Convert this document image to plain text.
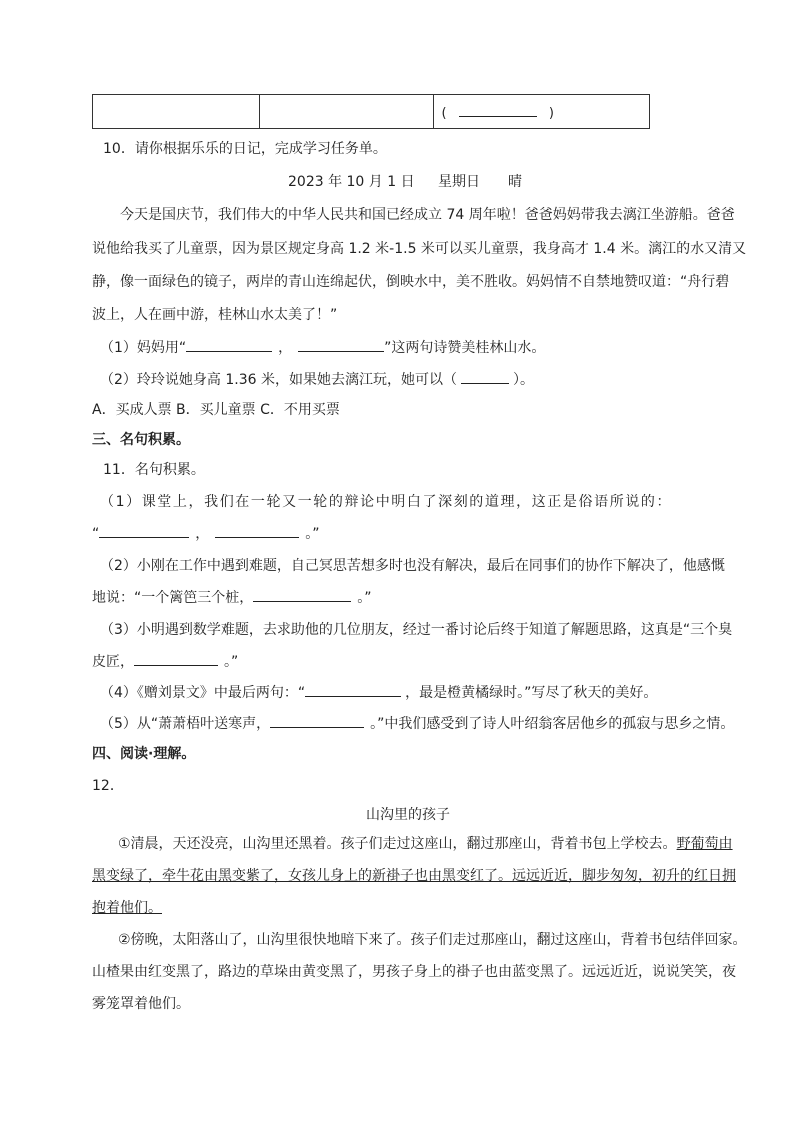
		(	)
10．请你根据乐乐的日记，完成学习任务单。
2023 年 10 月 1 日 星期日 晴
今天是国庆节，我们伟大的中华人民共和国已经成立 74 周年啦！爸爸妈妈带我去漓江坐游船。爸爸
说他给我买了儿童票，因为景区规定身高 1.2 米-1.5 米可以买儿童票，我身高才 1.4 米。漓江的水又清又
静，像一面绿色的镜子，两岸的青山连绵起伏，倒映水中，美不胜收。妈妈情不自禁地赞叹道：“舟行碧
波上，人在画中游，桂林山水太美了！”
（1）妈妈用“	，	”这两句诗赞美桂林山水。
（2）玲玲说她身高 1.36 米，如果她去漓江玩，她可以（	）。
A．买成人票 B．买儿童票 C．不用买票
三、名句积累。
11．名句积累。
（1）课堂上，我们在一轮又一轮的辩论中明白了深刻的道理，这正是俗语所说的：
“	，	。”
（2）小刚在工作中遇到难题，自己冥思苦想多时也没有解决，最后在同事们的协作下解决了，他感慨
地说：“一个篱笆三个桩，	。”
（3）小明遇到数学难题，去求助他的几位朋友，经过一番讨论后终于知道了解题思路，这真是“三个臭
皮匠，	。”
（4）《赠刘景文》中最后两句：“	，最是橙黄橘绿时。”写尽了秋天的美好。
（5）从“萧萧梧叶送寒声，	。”中我们感受到了诗人叶绍翁客居他乡的孤寂与思乡之情。
四、阅读·理解。
12．
山沟里的孩子
①清晨，天还没亮，山沟里还黑着。孩子们走过这座山，翻过那座山，背着书包上学校去。野葡萄由
黑变绿了，牵牛花由黑变紫了，女孩儿身上的新褂子也由黑变红了。远远近近，脚步匆匆，初升的红日拥
抱着他们。
②傍晚，太阳落山了，山沟里很快地暗下来了。孩子们走过那座山，翻过这座山，背着书包结伴回家。
山楂果由红变黑了，路边的草垛由黄变黑了，男孩子身上的褂子也由蓝变黑了。远远近近，说说笑笑，夜
雾笼罩着他们。
